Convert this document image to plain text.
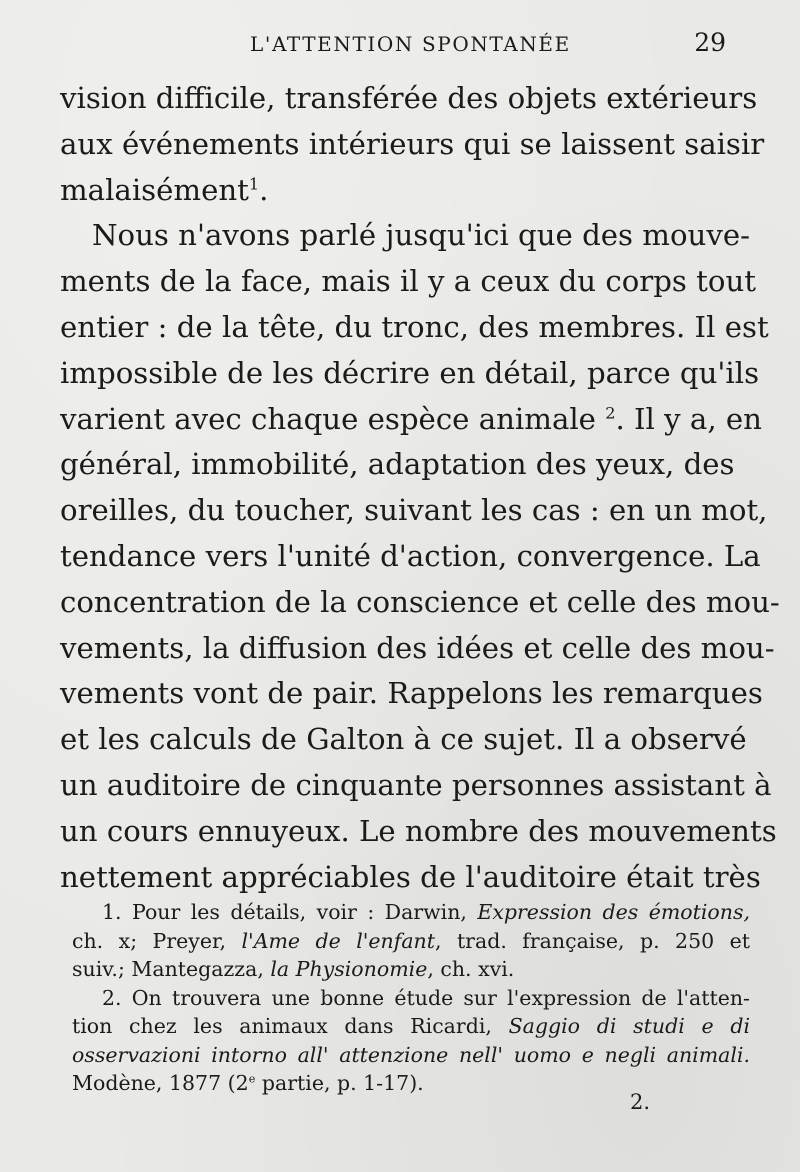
L'ATTENTION SPONTANÉE	29
vision difficile, transférée des objets extérieurs
aux événements intérieurs qui se laissent saisir
malaisément$^1$.
Nous n'avons parlé jusqu'ici que des mouve-
ments de la face, mais il y a ceux du corps tout
entier : de la tête, du tronc, des membres. Il est
impossible de les décrire en détail, parce qu'ils
varient avec chaque espèce animale $^2$. Il y a, en
général, immobilité, adaptation des yeux, des
oreilles, du toucher, suivant les cas : en un mot,
tendance vers l'unité d'action, convergence. La
concentration de la conscience et celle des mou-
vements, la diffusion des idées et celle des mou-
vements vont de pair. Rappelons les remarques
et les calculs de Galton à ce sujet. Il a observé
un auditoire de cinquante personnes assistant à
un cours ennuyeux. Le nombre des mouvements
nettement appréciables de l'auditoire était très
1. Pour les détails, voir : Darwin, Expression des émotions,
ch. x; Preyer, l'Ame de l'enfant, trad. française, p. 250 et
suiv.; Mantegazza, la Physionomie, ch. xvi.
2. On trouvera une bonne étude sur l'expression de l'atten-
tion chez les animaux dans Ricardi, Saggio di studi e di
osservazioni intorno all' attenzione nell' uomo e negli animali.
Modène, 1877 (2e partie, p. 1-17).
2.
